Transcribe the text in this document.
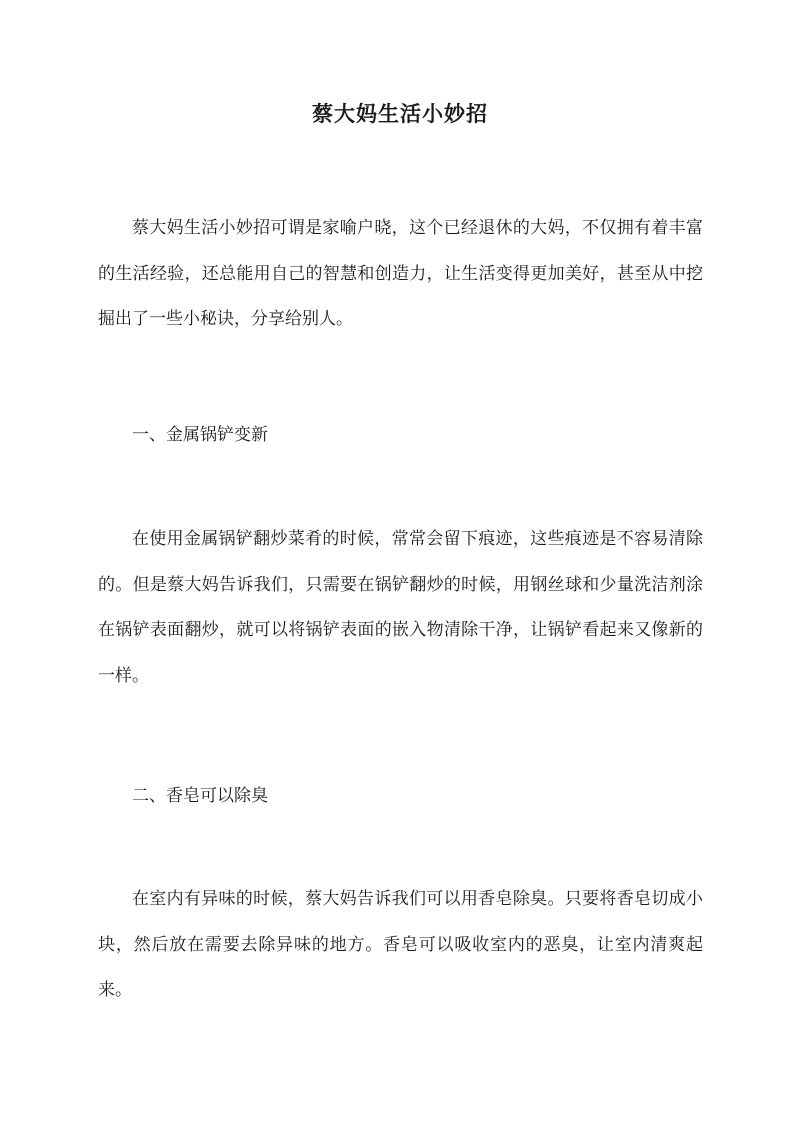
蔡大妈生活小妙招

蔡大妈生活小妙招可谓是家喻户晓，这个已经退休的大妈，不仅拥有着丰富的生活经验，还总能用自己的智慧和创造力，让生活变得更加美好，甚至从中挖掘出了一些小秘诀，分享给别人。

一、金属锅铲变新

在使用金属锅铲翻炒菜肴的时候，常常会留下痕迹，这些痕迹是不容易清除的。但是蔡大妈告诉我们，只需要在锅铲翻炒的时候，用钢丝球和少量洗洁剂涂在锅铲表面翻炒，就可以将锅铲表面的嵌入物清除干净，让锅铲看起来又像新的一样。

二、香皂可以除臭

在室内有异味的时候，蔡大妈告诉我们可以用香皂除臭。只要将香皂切成小块，然后放在需要去除异味的地方。香皂可以吸收室内的恶臭，让室内清爽起来。
